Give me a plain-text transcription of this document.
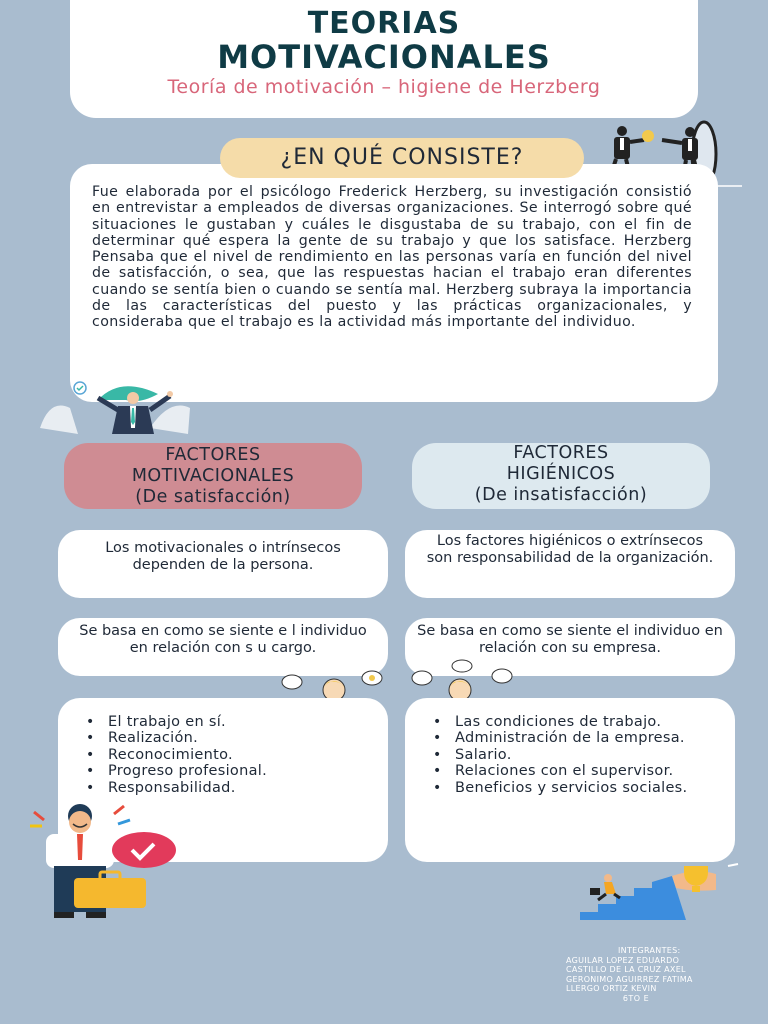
TEORIAS
MOTIVACIONALES
Teoría de motivación – higiene de Herzberg
Fue elaborada por el psicólogo Frederick Herzberg, su investigación consistió en entrevistar a empleados de diversas organizaciones. Se interrogó sobre qué situaciones le gustaban y cuáles le disgustaba de su trabajo, con el fin de determinar qué espera la gente de su trabajo y que los satisface. Herzberg Pensaba que el nivel de rendimiento en las personas varía en función del nivel de satisfacción, o sea, que las respuestas hacian el trabajo eran diferentes cuando se sentía bien o cuando se sentía mal. Herzberg subraya la importancia de las características del puesto y las prácticas organizacionales, y consideraba que el trabajo es la actividad más importante del individuo.
¿EN QUÉ CONSISTE?
FACTORES
MOTIVACIONALES
(De satisfacción)
FACTORES
HIGIÉNICOS
(De insatisfacción)
Los motivacionales o intrínsecos dependen de la persona.
Los factores higiénicos o extrínsecos son responsabilidad de la organización.
Se basa en como se siente e l individuo en relación con s u cargo.
Se basa en como se siente el individuo en relación con su empresa.
• El trabajo en sí.
• Realización.
• Reconocimiento.
• Progreso profesional.
• Responsabilidad.
• Las condiciones de trabajo.
• Administración de la empresa.
• Salario.
• Relaciones con el supervisor.
• Beneficios y servicios sociales.
INTEGRANTES:
AGUILAR LOPEZ EDUARDO
CASTILLO DE LA CRUZ AXEL
GERONIMO AGUIRREZ FATIMA
LLERGO ORTIZ KEVIN
6TO E
